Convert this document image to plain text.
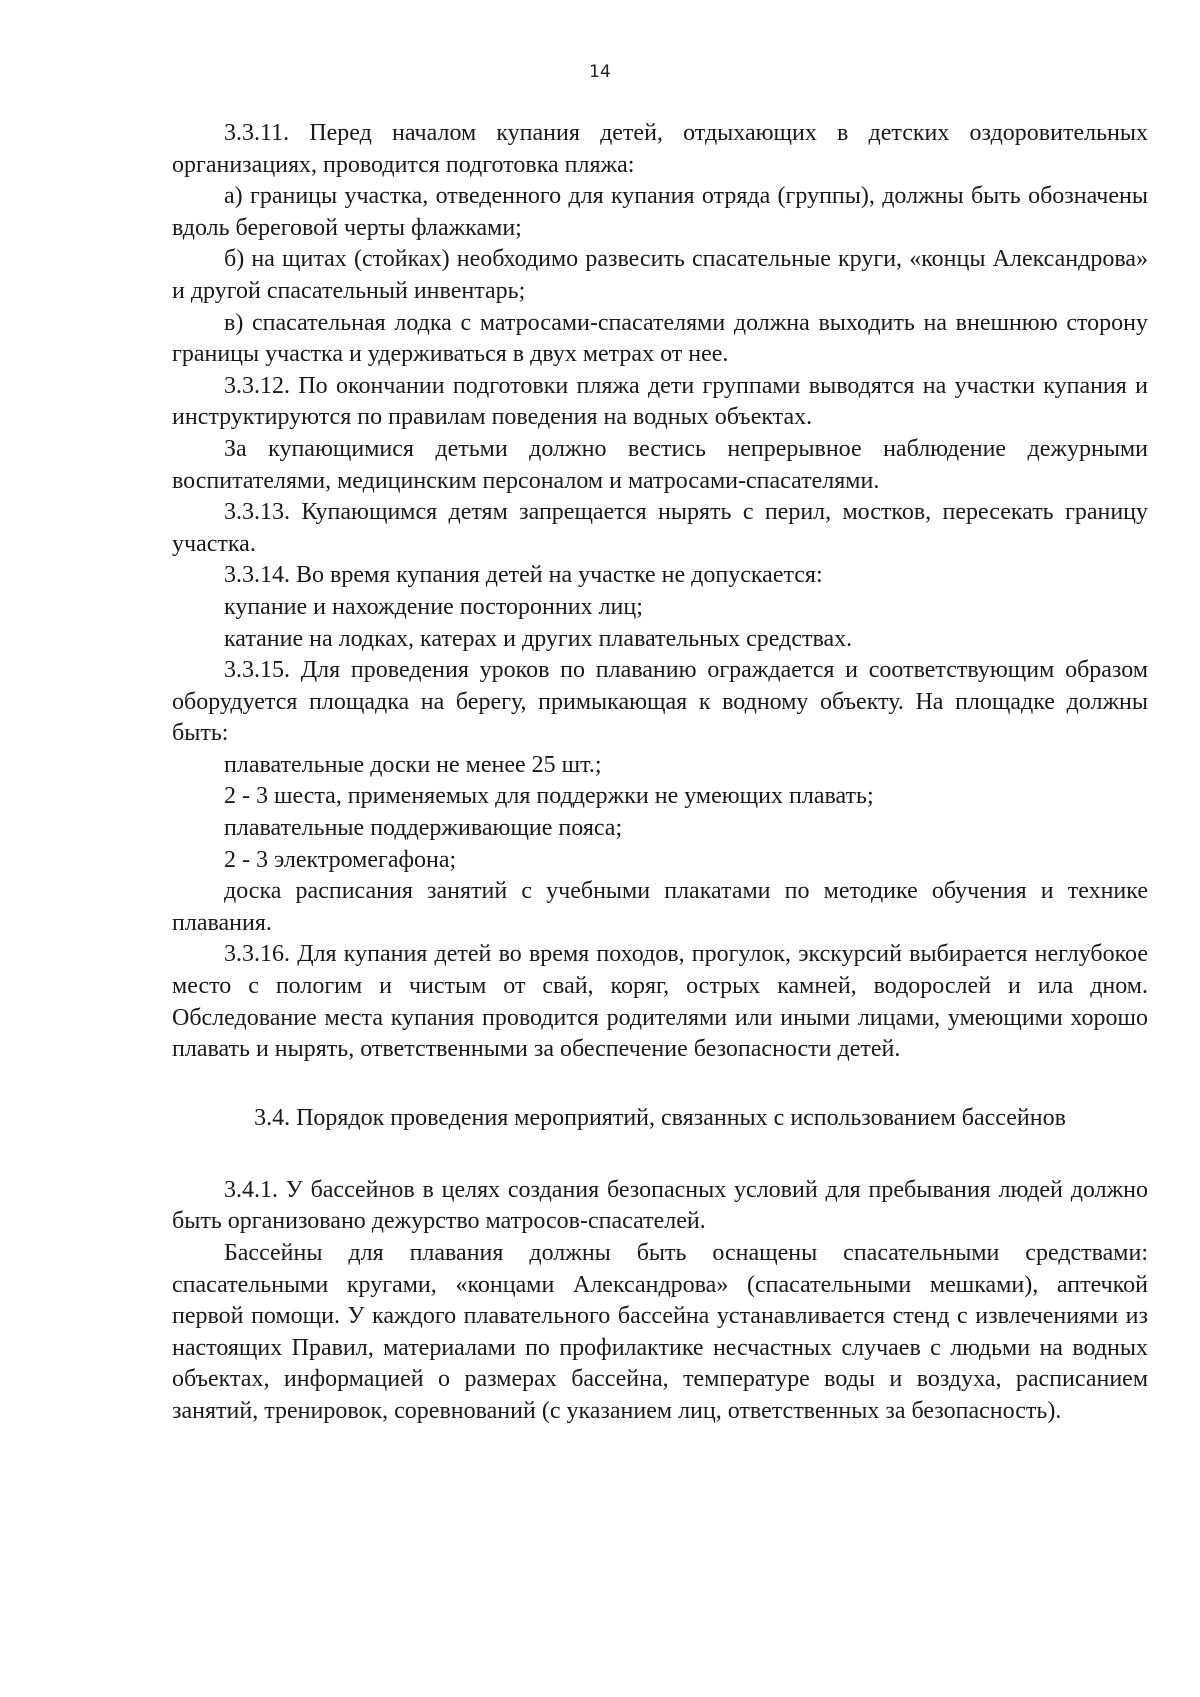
14

3.3.11. Перед началом купания детей, отдыхающих в детских оздоровительных организациях, проводится подготовка пляжа:

а) границы участка, отведенного для купания отряда (группы), должны быть обозначены вдоль береговой черты флажками;

б) на щитах (стойках) необходимо развесить спасательные круги, «концы Александрова» и другой спасательный инвентарь;

в) спасательная лодка с матросами-спасателями должна выходить на внешнюю сторону границы участка и удерживаться в двух метрах от нее.

3.3.12. По окончании подготовки пляжа дети группами выводятся на участки купания и инструктируются по правилам поведения на водных объектах.

За купающимися детьми должно вестись непрерывное наблюдение дежурными воспитателями, медицинским персоналом и матросами-спасателями.

3.3.13. Купающимся детям запрещается нырять с перил, мостков, пересекать границу участка.

3.3.14. Во время купания детей на участке не допускается:

купание и нахождение посторонних лиц;

катание на лодках, катерах и других плавательных средствах.

3.3.15. Для проведения уроков по плаванию ограждается и соответствующим образом оборудуется площадка на берегу, примыкающая к водному объекту. На площадке должны быть:

плавательные доски не менее 25 шт.;

2 - 3 шеста, применяемых для поддержки не умеющих плавать;

плавательные поддерживающие пояса;

2 - 3 электромегафона;

доска расписания занятий с учебными плакатами по методике обучения и технике плавания.

3.3.16. Для купания детей во время походов, прогулок, экскурсий выбирается неглубокое место с пологим и чистым от свай, коряг, острых камней, водорослей и ила дном. Обследование места купания проводится родителями или иными лицами, умеющими хорошо плавать и нырять, ответственными за обеспечение безопасности детей.

3.4. Порядок проведения мероприятий, связанных с использованием бассейнов

3.4.1. У бассейнов в целях создания безопасных условий для пребывания людей должно быть организовано дежурство матросов-спасателей.

Бассейны для плавания должны быть оснащены спасательными средствами: спасательными кругами, «концами Александрова» (спасательными мешками), аптечкой первой помощи. У каждого плавательного бассейна устанавливается стенд с извлечениями из настоящих Правил, материалами по профилактике несчастных случаев с людьми на водных объектах, информацией о размерах бассейна, температуре воды и воздуха, расписанием занятий, тренировок, соревнований (с указанием лиц, ответственных за безопасность).
